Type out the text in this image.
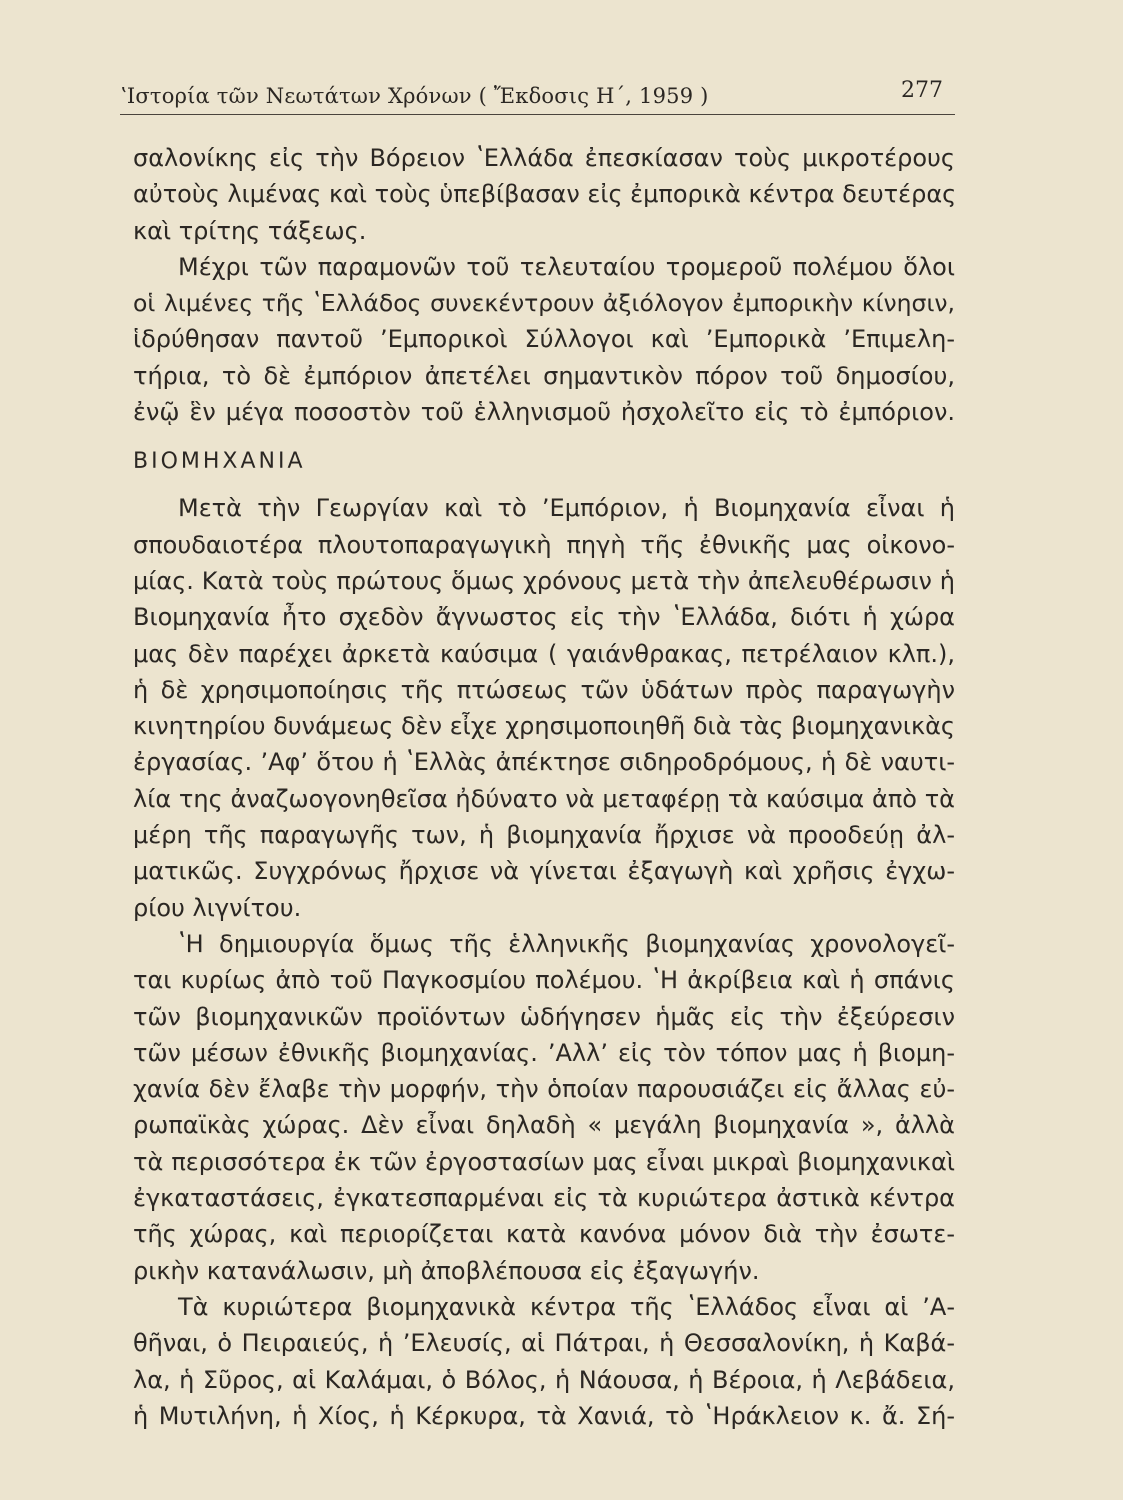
ʽΙστορία τῶν Νεωτάτων Χρόνων ( Ἔκδοσις Η΄, 1959 )	277
σαλονίκης εἰς τὴν Βόρειον ʽΕλλάδα ἐπεσκίασαν τοὺς μικροτέρους
αὐτοὺς λιμένας καὶ τοὺς ὑπεβίβασαν εἰς ἐμπορικὰ κέντρα δευτέρας
καὶ τρίτης τάξεως.
Μέχρι τῶν παραμονῶν τοῦ τελευταίου τρομεροῦ πολέμου ὅλοι
οἱ λιμένες τῆς ʽΕλλάδος συνεκέντρουν ἀξιόλογον ἐμπορικὴν κίνησιν,
ἱδρύθησαν παντοῦ ʼΕμπορικοὶ Σύλλογοι καὶ ʼΕμπορικὰ ʼΕπιμελη-
τήρια, τὸ δὲ ἐμπόριον ἀπετέλει σημαντικὸν πόρον τοῦ δημοσίου,
ἐνῷ ἓν μέγα ποσοστὸν τοῦ ἑλληνισμοῦ ἠσχολεῖτο εἰς τὸ ἐμπόριον.
ΒΙΟΜΗΧΑΝΙΑ
Μετὰ τὴν Γεωργίαν καὶ τὸ ʼΕμπόριον, ἡ Βιομηχανία εἶναι ἡ
σπουδαιοτέρα πλουτοπαραγωγικὴ πηγὴ τῆς ἐθνικῆς μας οἰκονο-
μίας. Κατὰ τοὺς πρώτους ὅμως χρόνους μετὰ τὴν ἀπελευθέρωσιν ἡ
Βιομηχανία ἦτο σχεδὸν ἄγνωστος εἰς τὴν ʽΕλλάδα, διότι ἡ χώρα
μας δὲν παρέχει ἀρκετὰ καύσιμα ( γαιάνθρακας, πετρέλαιον κλπ.),
ἡ δὲ χρησιμοποίησις τῆς πτώσεως τῶν ὑδάτων πρὸς παραγωγὴν
κινητηρίου δυνάμεως δὲν εἶχε χρησιμοποιηθῆ διὰ τὰς βιομηχανικὰς
ἐργασίας. ʼΑφʼ ὅτου ἡ ʽΕλλὰς ἀπέκτησε σιδηροδρόμους, ἡ δὲ ναυτι-
λία της ἀναζωογονηθεῖσα ἠδύνατο νὰ μεταφέρῃ τὰ καύσιμα ἀπὸ τὰ
μέρη τῆς παραγωγῆς των, ἡ βιομηχανία ἤρχισε νὰ προοδεύῃ ἀλ-
ματικῶς. Συγχρόνως ἤρχισε νὰ γίνεται ἐξαγωγὴ καὶ χρῆσις ἐγχω-
ρίου λιγνίτου.
ʽΗ δημιουργία ὅμως τῆς ἑλληνικῆς βιομηχανίας χρονολογεῖ-
ται κυρίως ἀπὸ τοῦ Παγκοσμίου πολέμου. ʽΗ ἀκρίβεια καὶ ἡ σπάνις
τῶν βιομηχανικῶν προϊόντων ὡδήγησεν ἡμᾶς εἰς τὴν ἐξεύρεσιν
τῶν μέσων ἐθνικῆς βιομηχανίας. ʼΑλλʼ εἰς τὸν τόπον μας ἡ βιομη-
χανία δὲν ἔλαβε τὴν μορφήν, τὴν ὁποίαν παρουσιάζει εἰς ἄλλας εὐ-
ρωπαϊκὰς χώρας. Δὲν εἶναι δηλαδὴ « μεγάλη βιομηχανία », ἀλλὰ
τὰ περισσότερα ἐκ τῶν ἐργοστασίων μας εἶναι μικραὶ βιομηχανικαὶ
ἐγκαταστάσεις, ἐγκατεσπαρμέναι εἰς τὰ κυριώτερα ἀστικὰ κέντρα
τῆς χώρας, καὶ περιορίζεται κατὰ κανόνα μόνον διὰ τὴν ἐσωτε-
ρικὴν κατανάλωσιν, μὴ ἀποβλέπουσα εἰς ἐξαγωγήν.
Τὰ κυριώτερα βιομηχανικὰ κέντρα τῆς ʽΕλλάδος εἶναι αἱ ʼΑ-
θῆναι, ὁ Πειραιεύς, ἡ ʼΕλευσίς, αἱ Πάτραι, ἡ Θεσσαλονίκη, ἡ Καβά-
λα, ἡ Σῦρος, αἱ Καλάμαι, ὁ Βόλος, ἡ Νάουσα, ἡ Βέροια, ἡ Λεβάδεια,
ἡ Μυτιλήνη, ἡ Χίος, ἡ Κέρκυρα, τὰ Χανιά, τὸ ʽΗράκλειον κ. ἄ. Σή-
